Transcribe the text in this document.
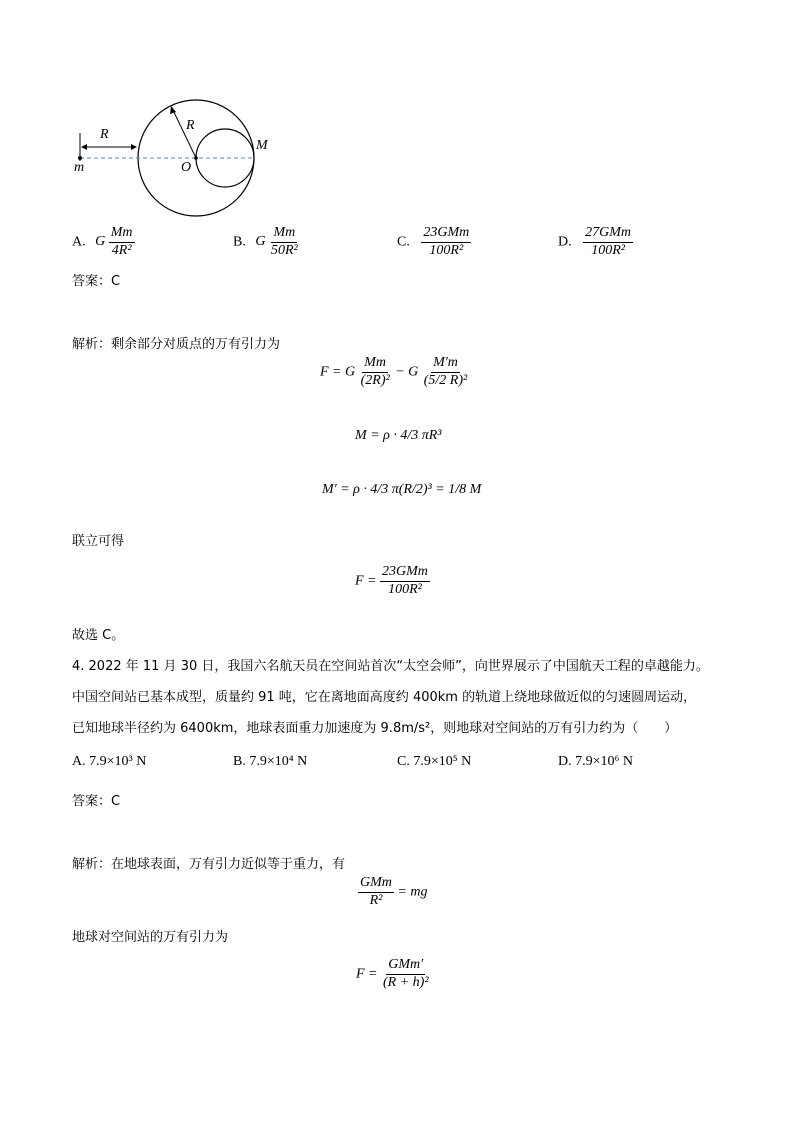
R
R
O
M
m
A. G $\frac{Mm}{\text{4R²}}$	B. G $\frac{Mm}{\text{50R²}}$	C. $\frac{\text{23GMm}}{\text{100R²}}$	D. $\frac{\text{27GMm}}{\text{100R²}}$
答案：C
解析：剩余部分对质点的万有引力为
F = G $\frac{Mm}{\text{(2R)²}} - G \frac{M'm}{\text{(5/2 R)²}}$
M = ρ · 4/3 πR³
M′ = ρ · 4/3 π(R/2)³ = 1/8 M
联立可得
$F = \frac{\text{23GMm}}{\text{100R²}}$
故选 C。
4. 2022 年 11 月 30 日，我国六名航天员在空间站首次“太空会师”，向世界展示了中国航天工程的卓越能力。
中国空间站已基本成型，质量约 91 吨，它在离地面高度约 400km 的轨道上绕地球做近似的匀速圆周运动，
已知地球半径约为 6400km，地球表面重力加速度为 9.8m/s²，则地球对空间站的万有引力约为（　　）
A. 7.9×10³ N	B. 7.9×10⁴ N	C. 7.9×10⁵ N	D. 7.9×10⁶ N
答案：C
解析：在地球表面，万有引力近似等于重力，有
$\frac{\text{GMm}}{\text{R²}}$ = mg
地球对空间站的万有引力为
$F = \frac{\text{GMm′}}{\text{(R + h)²}}$
